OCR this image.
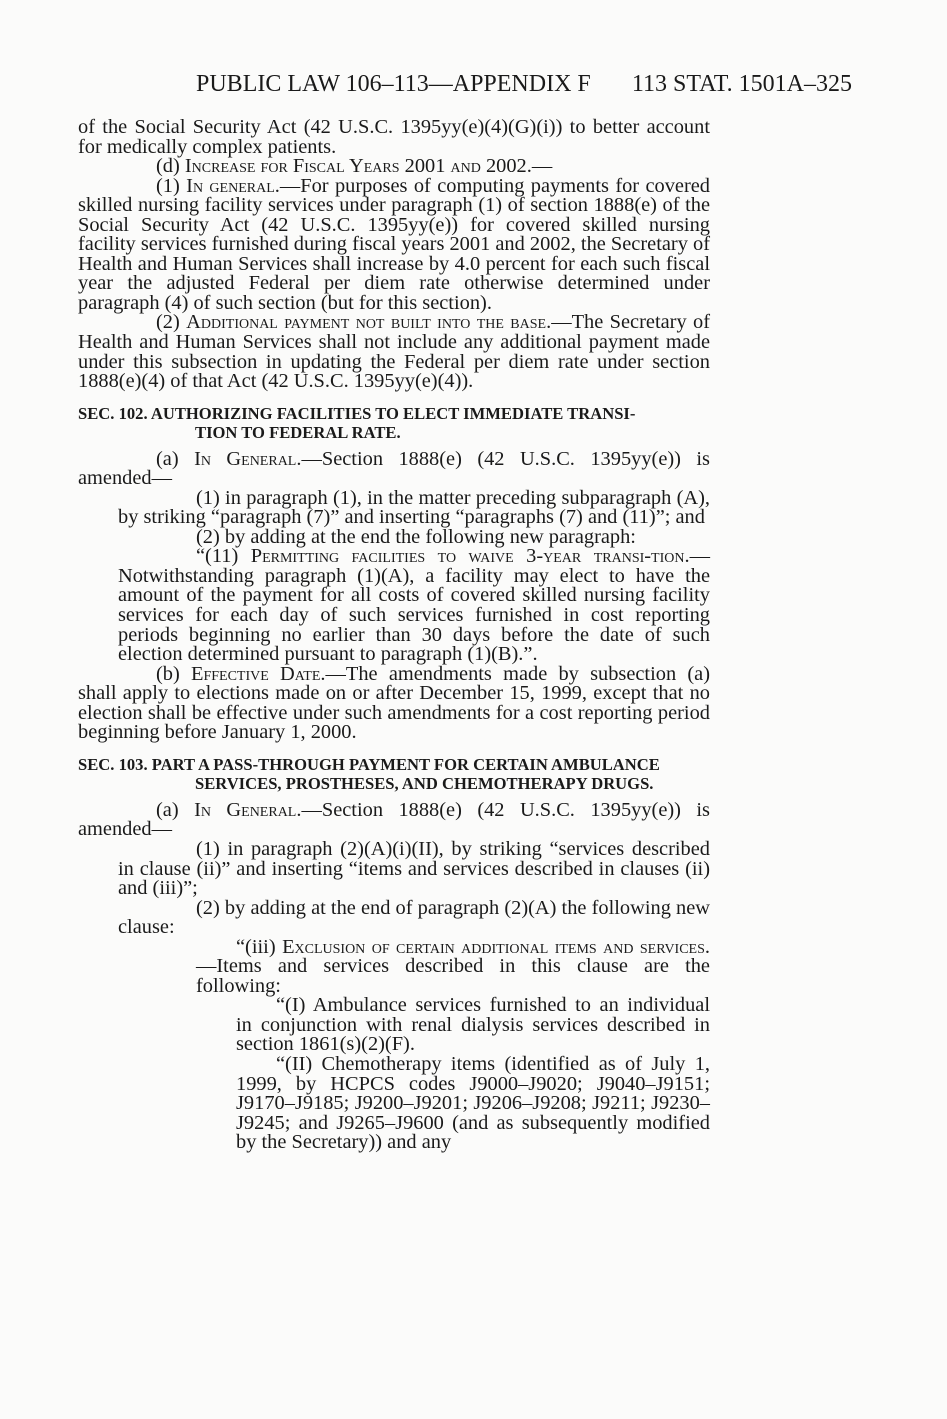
PUBLIC LAW 106–113—APPENDIX F 113 STAT. 1501A–325

of the Social Security Act (42 U.S.C. 1395yy(e)(4)(G)(i)) to better account for medically complex patients.

(d) Increase for Fiscal Years 2001 and 2002.—

(1) In general.—For purposes of computing payments for covered skilled nursing facility services under paragraph (1) of section 1888(e) of the Social Security Act (42 U.S.C. 1395yy(e)) for covered skilled nursing facility services furnished during fiscal years 2001 and 2002, the Secretary of Health and Human Services shall increase by 4.0 percent for each such fiscal year the adjusted Federal per diem rate otherwise determined under paragraph (4) of such section (but for this section).

(2) Additional payment not built into the base.—The Secretary of Health and Human Services shall not include any additional payment made under this subsection in updating the Federal per diem rate under section 1888(e)(4) of that Act (42 U.S.C. 1395yy(e)(4)).

SEC. 102. AUTHORIZING FACILITIES TO ELECT IMMEDIATE TRANSI-
TION TO FEDERAL RATE.

(a) In General.—Section 1888(e) (42 U.S.C. 1395yy(e)) is amended—

(1) in paragraph (1), in the matter preceding subparagraph (A), by striking “paragraph (7)” and inserting “paragraphs (7) and (11)”; and

(2) by adding at the end the following new paragraph:

“(11) Permitting facilities to waive 3-year transi-tion.—Notwithstanding paragraph (1)(A), a facility may elect to have the amount of the payment for all costs of covered skilled nursing facility services for each day of such services furnished in cost reporting periods beginning no earlier than 30 days before the date of such election determined pursuant to paragraph (1)(B).”.

(b) Effective Date.—The amendments made by subsection (a) shall apply to elections made on or after December 15, 1999, except that no election shall be effective under such amendments for a cost reporting period beginning before January 1, 2000.

SEC. 103. PART A PASS-THROUGH PAYMENT FOR CERTAIN AMBULANCE
SERVICES, PROSTHESES, AND CHEMOTHERAPY DRUGS.

(a) In General.—Section 1888(e) (42 U.S.C. 1395yy(e)) is amended—

(1) in paragraph (2)(A)(i)(II), by striking “services described in clause (ii)” and inserting “items and services described in clauses (ii) and (iii)”;

(2) by adding at the end of paragraph (2)(A) the following new clause:

“(iii) Exclusion of certain additional items and services.—Items and services described in this clause are the following:

“(I) Ambulance services furnished to an individual in conjunction with renal dialysis services described in section 1861(s)(2)(F).

“(II) Chemotherapy items (identified as of July 1, 1999, by HCPCS codes J9000–J9020; J9040–J9151; J9170–J9185; J9200–J9201; J9206–J9208; J9211; J9230–J9245; and J9265–J9600 (and as subsequently modified by the Secretary)) and any
